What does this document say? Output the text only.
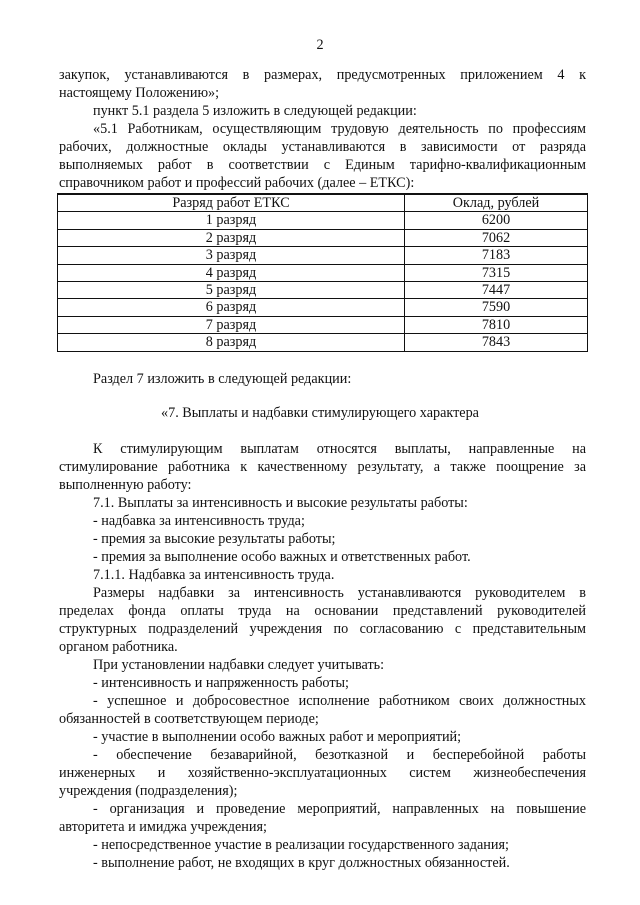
2
закупок, устанавливаются в размерах, предусмотренных приложением 4 к
настоящему Положению»;
пункт 5.1 раздела 5 изложить в следующей редакции:
«5.1 Работникам, осуществляющим трудовую деятельность по профессиям
рабочих, должностные оклады устанавливаются в зависимости от разряда
выполняемых работ в соответствии с Единым тарифно-квалификационным
справочником работ и профессий рабочих (далее – ЕТКС):
Разряд работ ЕТКС	Оклад, рублей
1 разряд	6200
2 разряд	7062
3 разряд	7183
4 разряд	7315
5 разряд	7447
6 разряд	7590
7 разряд	7810
8 разряд	7843
Раздел 7 изложить в следующей редакции:
«7. Выплаты и надбавки стимулирующего характера
К стимулирующим выплатам относятся выплаты, направленные на
стимулирование работника к качественному результату, а также поощрение за
выполненную работу:
7.1. Выплаты за интенсивность и высокие результаты работы:
- надбавка за интенсивность труда;
- премия за высокие результаты работы;
- премия за выполнение особо важных и ответственных работ.
7.1.1. Надбавка за интенсивность труда.
Размеры надбавки за интенсивность устанавливаются руководителем в
пределах фонда оплаты труда на основании представлений руководителей
структурных подразделений учреждения по согласованию с представительным
органом работника.
При установлении надбавки следует учитывать:
- интенсивность и напряженность работы;
- успешное и добросовестное исполнение работником своих должностных
обязанностей в соответствующем периоде;
- участие в выполнении особо важных работ и мероприятий;
- обеспечение безаварийной, безотказной и бесперебойной работы
инженерных и хозяйственно-эксплуатационных систем жизнеобеспечения
учреждения (подразделения);
- организация и проведение мероприятий, направленных на повышение
авторитета и имиджа учреждения;
- непосредственное участие в реализации государственного задания;
- выполнение работ, не входящих в круг должностных обязанностей.
